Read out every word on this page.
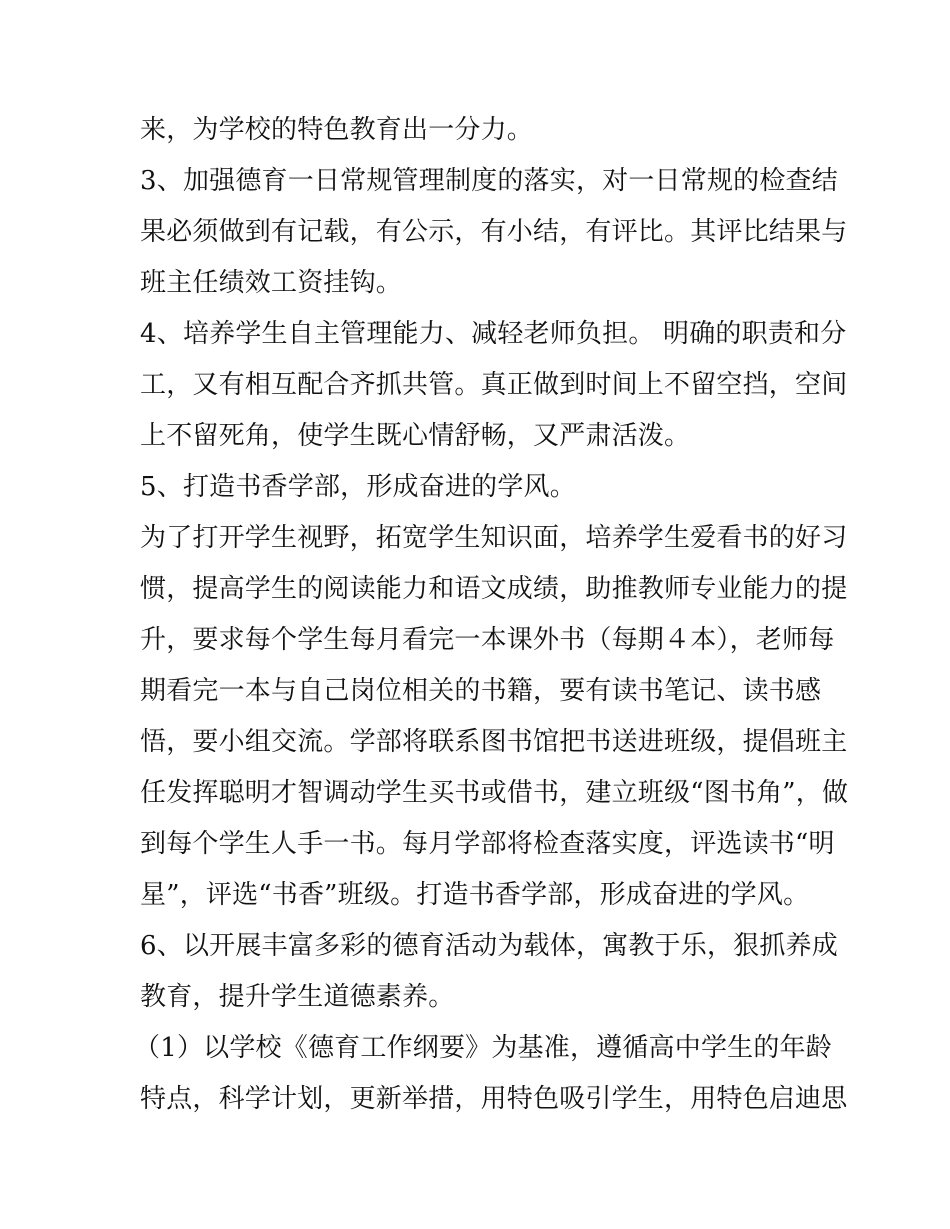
来，为学校的特色教育出一分力。
3、加强德育一日常规管理制度的落实，对一日常规的检查结
果必须做到有记载，有公示，有小结，有评比。其评比结果与
班主任绩效工资挂钩。
4、培养学生自主管理能力、减轻老师负担。 明确的职责和分
工，又有相互配合齐抓共管。真正做到时间上不留空挡，空间
上不留死角，使学生既心情舒畅，又严肃活泼。
5、打造书香学部，形成奋进的学风。
为了打开学生视野，拓宽学生知识面，培养学生爱看书的好习
惯，提高学生的阅读能力和语文成绩，助推教师专业能力的提
升，要求每个学生每月看完一本课外书（每期４本），老师每
期看完一本与自己岗位相关的书籍，要有读书笔记、读书感
悟，要小组交流。学部将联系图书馆把书送进班级，提倡班主
任发挥聪明才智调动学生买书或借书，建立班级“图书角”，做
到每个学生人手一书。每月学部将检查落实度，评选读书“明
星”，评选“书香”班级。打造书香学部，形成奋进的学风。
6、以开展丰富多彩的德育活动为载体，寓教于乐，狠抓养成
教育，提升学生道德素养。
（1）以学校《德育工作纲要》为基准，遵循高中学生的年龄
特点，科学计划，更新举措，用特色吸引学生，用特色启迪思
